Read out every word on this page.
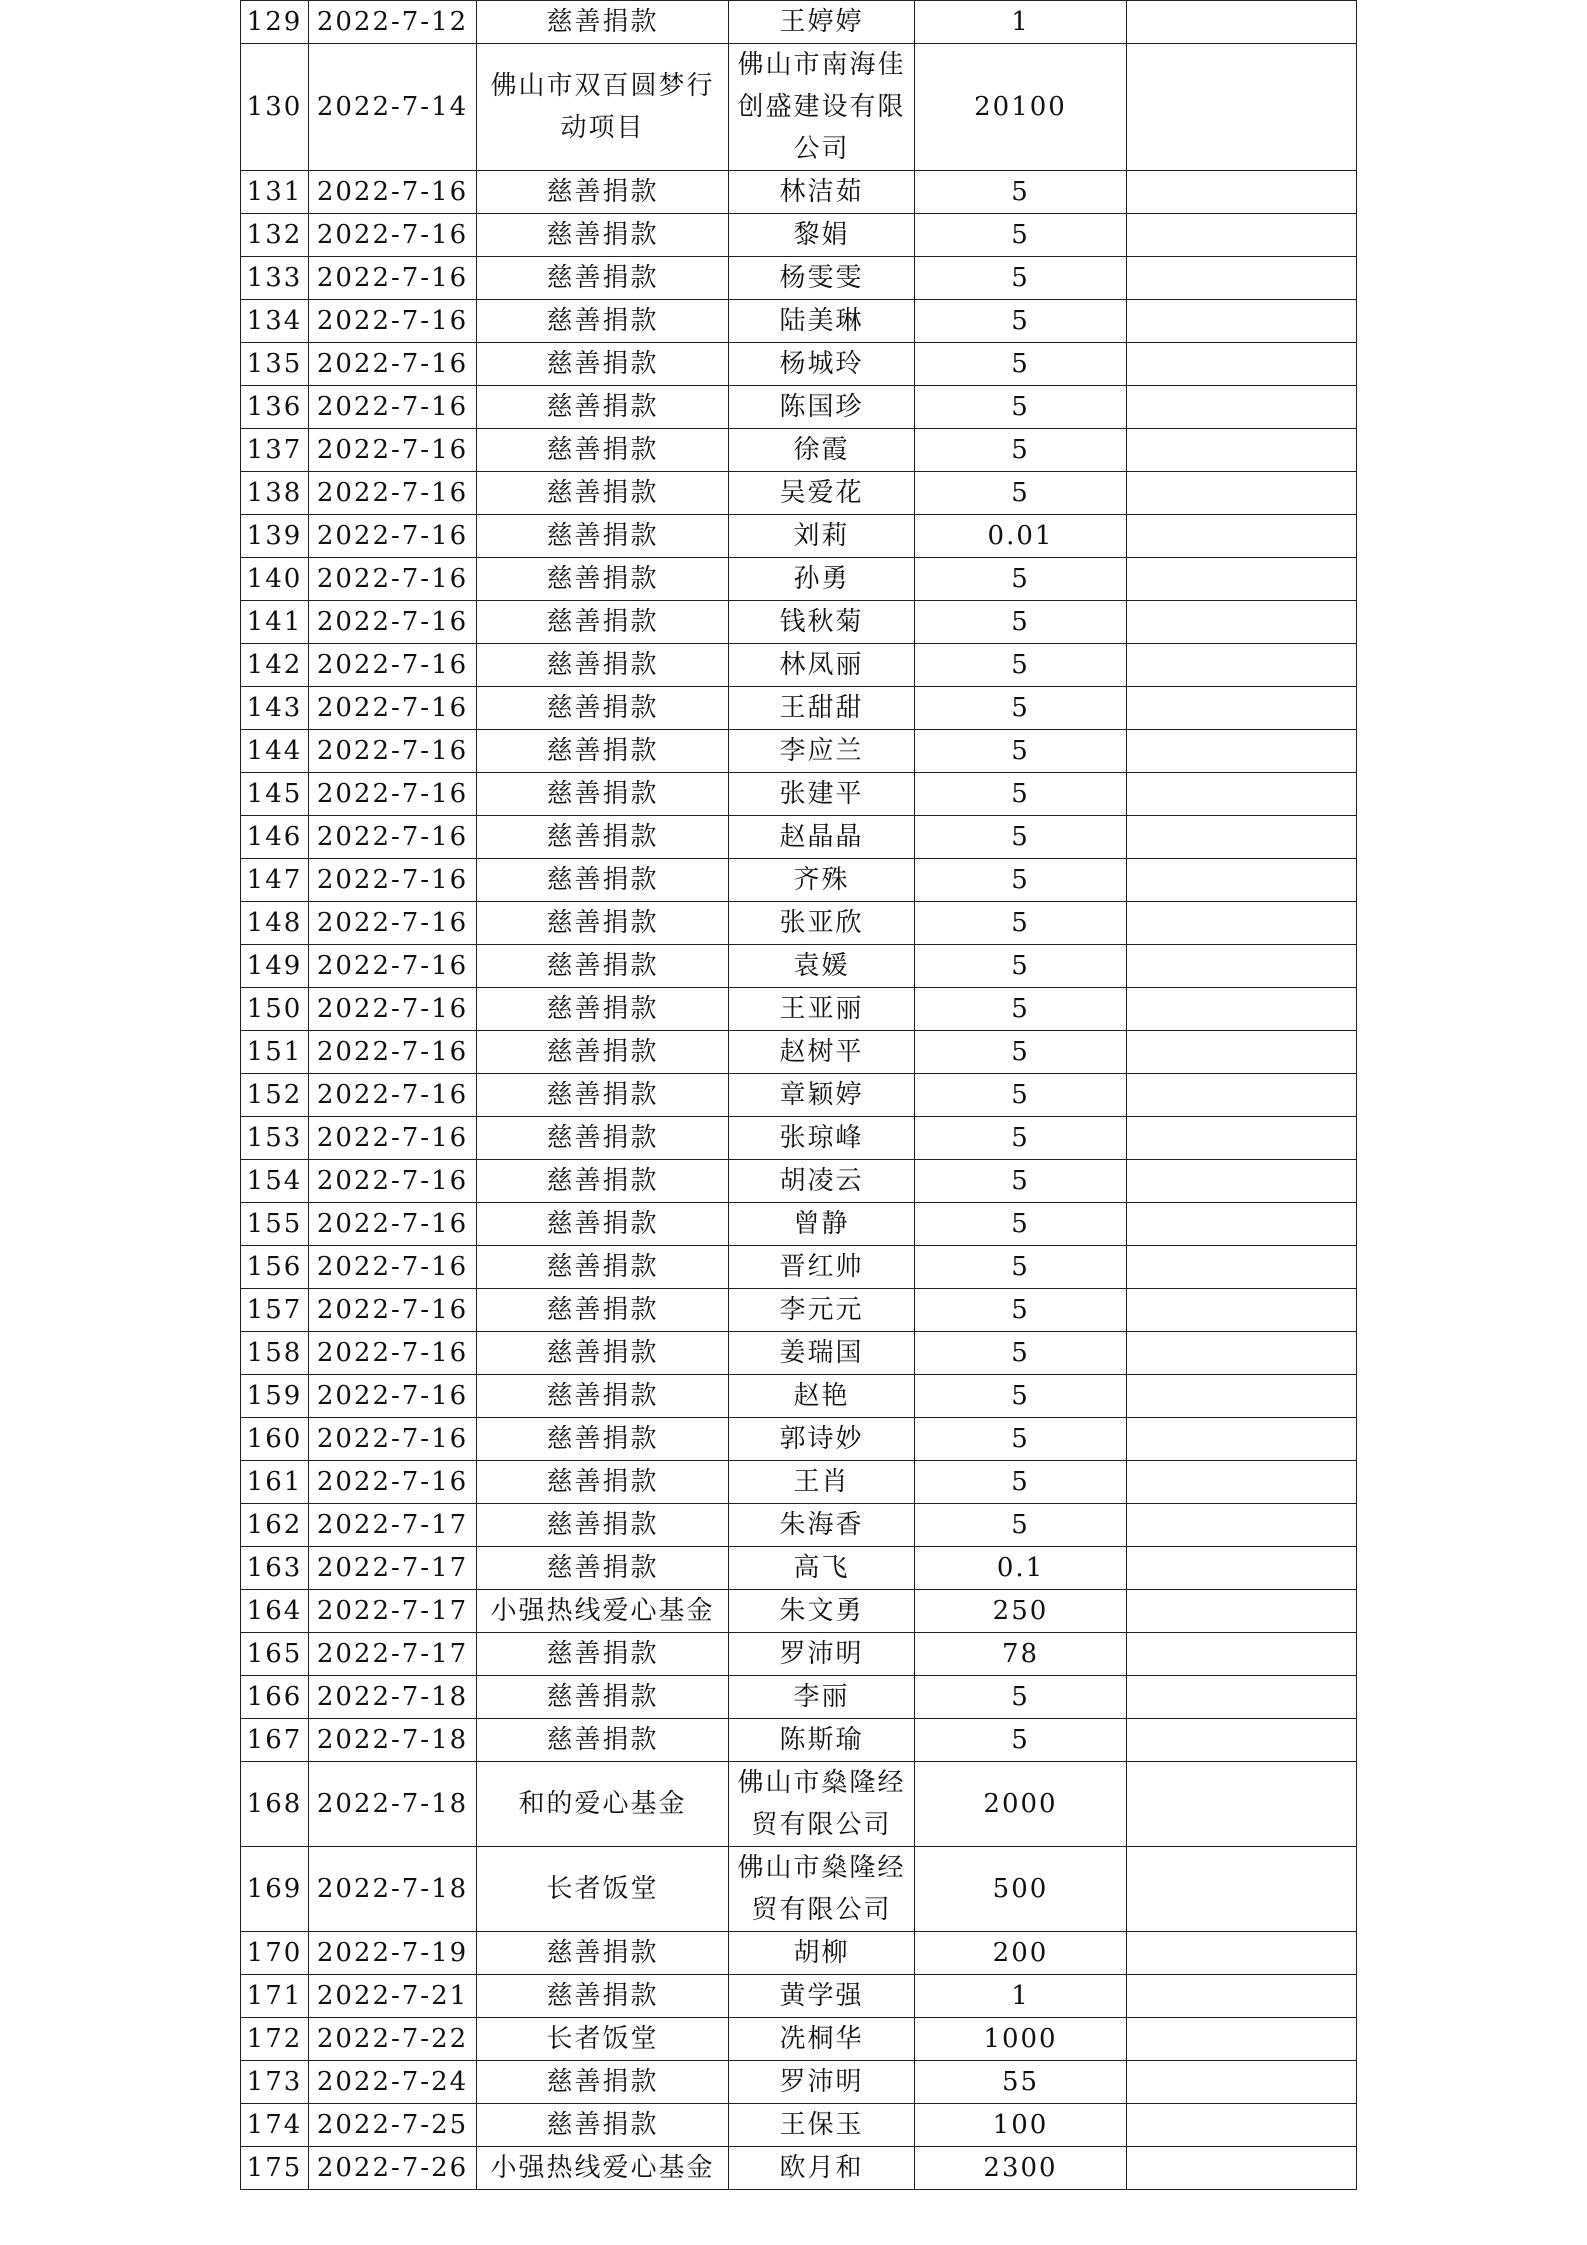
129	2022-7-12	慈善捐款	王婷婷	1	
130	2022-7-14	佛山市双百圆梦行动项目	佛山市南海佳创盛建设有限公司	20100	
131	2022-7-16	慈善捐款	林洁茹	5	
132	2022-7-16	慈善捐款	黎娟	5	
133	2022-7-16	慈善捐款	杨雯雯	5	
134	2022-7-16	慈善捐款	陆美琳	5	
135	2022-7-16	慈善捐款	杨城玲	5	
136	2022-7-16	慈善捐款	陈国珍	5	
137	2022-7-16	慈善捐款	徐霞	5	
138	2022-7-16	慈善捐款	吴爱花	5	
139	2022-7-16	慈善捐款	刘莉	0.01	
140	2022-7-16	慈善捐款	孙勇	5	
141	2022-7-16	慈善捐款	钱秋菊	5	
142	2022-7-16	慈善捐款	林凤丽	5	
143	2022-7-16	慈善捐款	王甜甜	5	
144	2022-7-16	慈善捐款	李应兰	5	
145	2022-7-16	慈善捐款	张建平	5	
146	2022-7-16	慈善捐款	赵晶晶	5	
147	2022-7-16	慈善捐款	齐殊	5	
148	2022-7-16	慈善捐款	张亚欣	5	
149	2022-7-16	慈善捐款	袁媛	5	
150	2022-7-16	慈善捐款	王亚丽	5	
151	2022-7-16	慈善捐款	赵树平	5	
152	2022-7-16	慈善捐款	章颖婷	5	
153	2022-7-16	慈善捐款	张琼峰	5	
154	2022-7-16	慈善捐款	胡凌云	5	
155	2022-7-16	慈善捐款	曾静	5	
156	2022-7-16	慈善捐款	晋红帅	5	
157	2022-7-16	慈善捐款	李元元	5	
158	2022-7-16	慈善捐款	姜瑞国	5	
159	2022-7-16	慈善捐款	赵艳	5	
160	2022-7-16	慈善捐款	郭诗妙	5	
161	2022-7-16	慈善捐款	王肖	5	
162	2022-7-17	慈善捐款	朱海香	5	
163	2022-7-17	慈善捐款	高飞	0.1	
164	2022-7-17	小强热线爱心基金	朱文勇	250	
165	2022-7-17	慈善捐款	罗沛明	78	
166	2022-7-18	慈善捐款	李丽	5	
167	2022-7-18	慈善捐款	陈斯瑜	5	
168	2022-7-18	和的爱心基金	佛山市燊隆经贸有限公司	2000	
169	2022-7-18	长者饭堂	佛山市燊隆经贸有限公司	500	
170	2022-7-19	慈善捐款	胡柳	200	
171	2022-7-21	慈善捐款	黄学强	1	
172	2022-7-22	长者饭堂	冼桐华	1000	
173	2022-7-24	慈善捐款	罗沛明	55	
174	2022-7-25	慈善捐款	王保玉	100	
175	2022-7-26	小强热线爱心基金	欧月和	2300	
